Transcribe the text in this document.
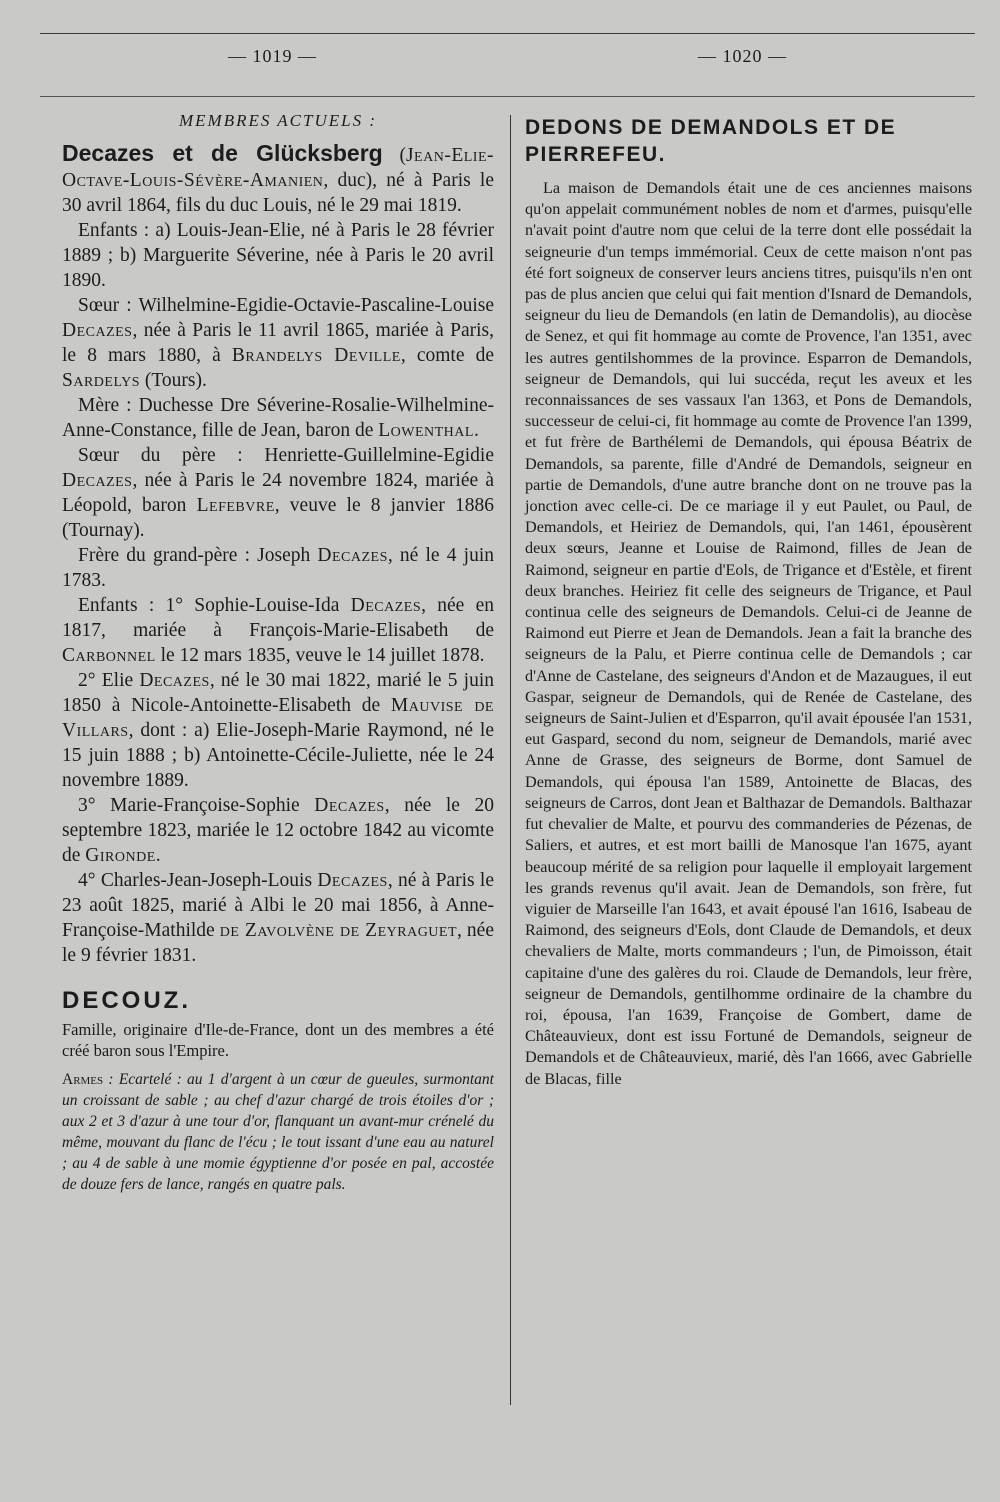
— 1019 —	— 1020 —
MEMBRES ACTUELS :

Decazes et de Glücksberg (Jean-Elie-Octave-Louis-Sévère-Amanien, duc), né à Paris le 30 avril 1864, fils du duc Louis, né le 29 mai 1819.

Enfants : a) Louis-Jean-Elie, né à Paris le 28 février 1889 ; b) Marguerite Séverine, née à Paris le 20 avril 1890.

Sœur : Wilhelmine-Egidie-Octavie-Pascaline-Louise Decazes, née à Paris le 11 avril 1865, mariée à Paris, le 8 mars 1880, à Brandelys Deville, comte de Sardelys (Tours).

Mère : Duchesse Dre Séverine-Rosalie-Wilhelmine-Anne-Constance, fille de Jean, baron de Lowenthal.

Sœur du père : Henriette-Guillelmine-Egidie Decazes, née à Paris le 24 novembre 1824, mariée à Léopold, baron Lefebvre, veuve le 8 janvier 1886 (Tournay).

Frère du grand-père : Joseph Decazes, né le 4 juin 1783.

Enfants : 1° Sophie-Louise-Ida Decazes, née en 1817, mariée à François-Marie-Elisabeth de Carbonnel le 12 mars 1835, veuve le 14 juillet 1878.

2° Elie Decazes, né le 30 mai 1822, marié le 5 juin 1850 à Nicole-Antoinette-Elisabeth de Mauvise de Villars, dont : a) Elie-Joseph-Marie Raymond, né le 15 juin 1888 ; b) Antoinette-Cécile-Juliette, née le 24 novembre 1889.

3° Marie-Françoise-Sophie Decazes, née le 20 septembre 1823, mariée le 12 octobre 1842 au vicomte de Gironde.

4° Charles-Jean-Joseph-Louis Decazes, né à Paris le 23 août 1825, marié à Albi le 20 mai 1856, à Anne-Françoise-Mathilde de Zavolvène de Zeyraguet, née le 9 février 1831.

DECOUZ.

Famille, originaire d'Ile-de-France, dont un des membres a été créé baron sous l'Empire.

Armes : Ecartelé : au 1 d'argent à un cœur de gueules, surmontant un croissant de sable ; au chef d'azur chargé de trois étoiles d'or ; aux 2 et 3 d'azur à une tour d'or, flanquant un avant-mur crénelé du même, mouvant du flanc de l'écu ; le tout issant d'une eau au naturel ; au 4 de sable à une momie égyptienne d'or posée en pal, accostée de douze fers de lance, rangés en quatre pals.

DEDONS DE DEMANDOLS ET DE PIERREFEU.

La maison de Demandols était une de ces anciennes maisons qu'on appelait communément nobles de nom et d'armes, puisqu'elle n'avait point d'autre nom que celui de la terre dont elle possédait la seigneurie d'un temps immémorial. Ceux de cette maison n'ont pas été fort soigneux de conserver leurs anciens titres, puisqu'ils n'en ont pas de plus ancien que celui qui fait mention d'Isnard de Demandols, seigneur du lieu de Demandols (en latin de Demandolis), au diocèse de Senez, et qui fit hommage au comte de Provence, l'an 1351, avec les autres gentilshommes de la province. Esparron de Demandols, seigneur de Demandols, qui lui succéda, reçut les aveux et les reconnaissances de ses vassaux l'an 1363, et Pons de Demandols, successeur de celui-ci, fit hommage au comte de Provence l'an 1399, et fut frère de Barthélemi de Demandols, qui épousa Béatrix de Demandols, sa parente, fille d'André de Demandols, seigneur en partie de Demandols, d'une autre branche dont on ne trouve pas la jonction avec celle-ci. De ce mariage il y eut Paulet, ou Paul, de Demandols, et Heiriez de Demandols, qui, l'an 1461, épousèrent deux sœurs, Jeanne et Louise de Raimond, filles de Jean de Raimond, seigneur en partie d'Eols, de Trigance et d'Estèle, et firent deux branches. Heiriez fit celle des seigneurs de Trigance, et Paul continua celle des seigneurs de Demandols. Celui-ci de Jeanne de Raimond eut Pierre et Jean de Demandols. Jean a fait la branche des seigneurs de la Palu, et Pierre continua celle de Demandols ; car d'Anne de Castelane, des seigneurs d'Andon et de Mazaugues, il eut Gaspar, seigneur de Demandols, qui de Renée de Castelane, des seigneurs de Saint-Julien et d'Esparron, qu'il avait épousée l'an 1531, eut Gaspard, second du nom, seigneur de Demandols, marié avec Anne de Grasse, des seigneurs de Borme, dont Samuel de Demandols, qui épousa l'an 1589, Antoinette de Blacas, des seigneurs de Carros, dont Jean et Balthazar de Demandols. Balthazar fut chevalier de Malte, et pourvu des commanderies de Pézenas, de Saliers, et autres, et est mort bailli de Manosque l'an 1675, ayant beaucoup mérité de sa religion pour laquelle il employait largement les grands revenus qu'il avait. Jean de Demandols, son frère, fut viguier de Marseille l'an 1643, et avait épousé l'an 1616, Isabeau de Raimond, des seigneurs d'Eols, dont Claude de Demandols, et deux chevaliers de Malte, morts commandeurs ; l'un, de Pimoisson, était capitaine d'une des galères du roi. Claude de Demandols, leur frère, seigneur de Demandols, gentilhomme ordinaire de la chambre du roi, épousa, l'an 1639, Françoise de Gombert, dame de Châteauvieux, dont est issu Fortuné de Demandols, seigneur de Demandols et de Châteauvieux, marié, dès l'an 1666, avec Gabrielle de Blacas, fille
